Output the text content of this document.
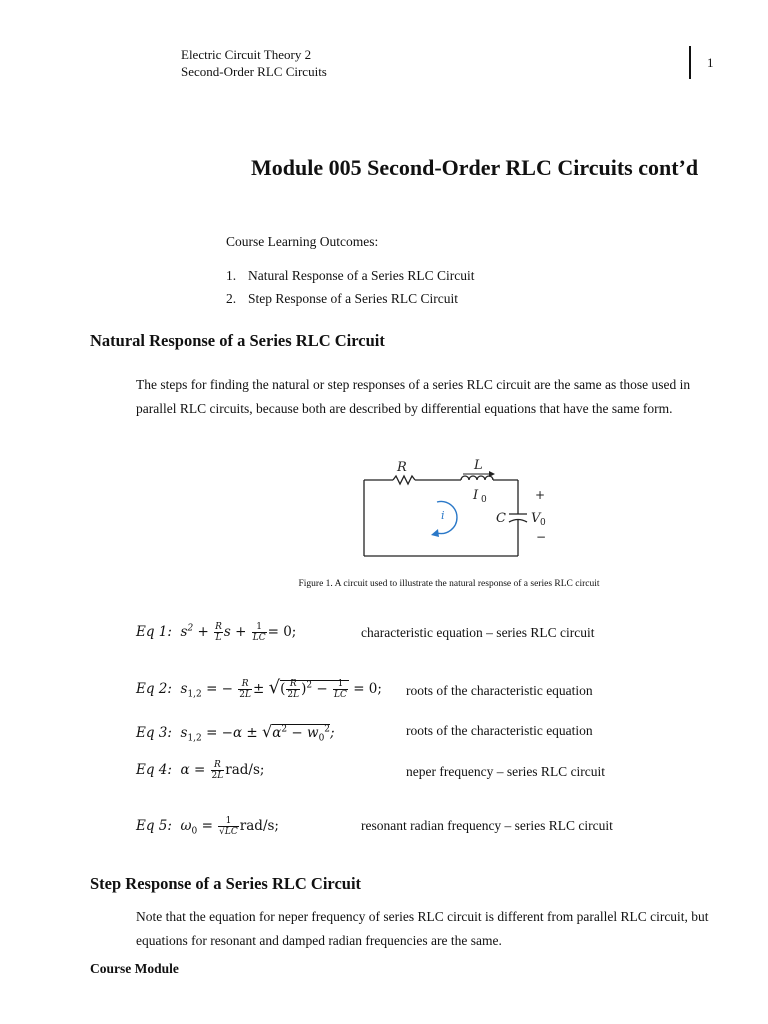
Electric Circuit Theory 2
Second-Order RLC Circuits
1
Module 005 Second-Order RLC Circuits cont’d
Course Learning Outcomes:
1. Natural Response of a Series RLC Circuit
2. Step Response of a Series RLC Circuit
Natural Response of a Series RLC Circuit
The steps for finding the natural or step responses of a series RLC circuit are the same as those used in parallel RLC circuits, because both are described by differential equations that have the same form.
R	L
I 0
i	C V 0
+
−
Figure 1. A circuit used to illustrate the natural response of a series RLC circuit
Eq 1:  $s^2 + \frac{R}{L}$ $s + \frac{1}{LC} = 0$;	characteristic equation – series RLC circuit
Eq 2:  $s_{1,2}$ = − $\frac{R}{2L}$ ± √( $\frac{R}{2L} )^2 - \frac{1}{LC} = 0$; roots of the characteristic equation
Eq 3:  $s_{1,2} = -\alpha \pm √\alpha^2 - w_0^2$;	roots of the characteristic equation
Eq 4:  $\alpha = \frac{R}{2L} rad/s$;	neper frequency – series RLC circuit
Eq 5:  $\omega_0 = \frac{1}{√LC} rad/s$;	resonant radian frequency – series RLC circuit
Step Response of a Series RLC Circuit
Note that the equation for neper frequency of series RLC circuit is different from parallel RLC circuit, but equations for resonant and damped radian frequencies are the same.
Course Module
